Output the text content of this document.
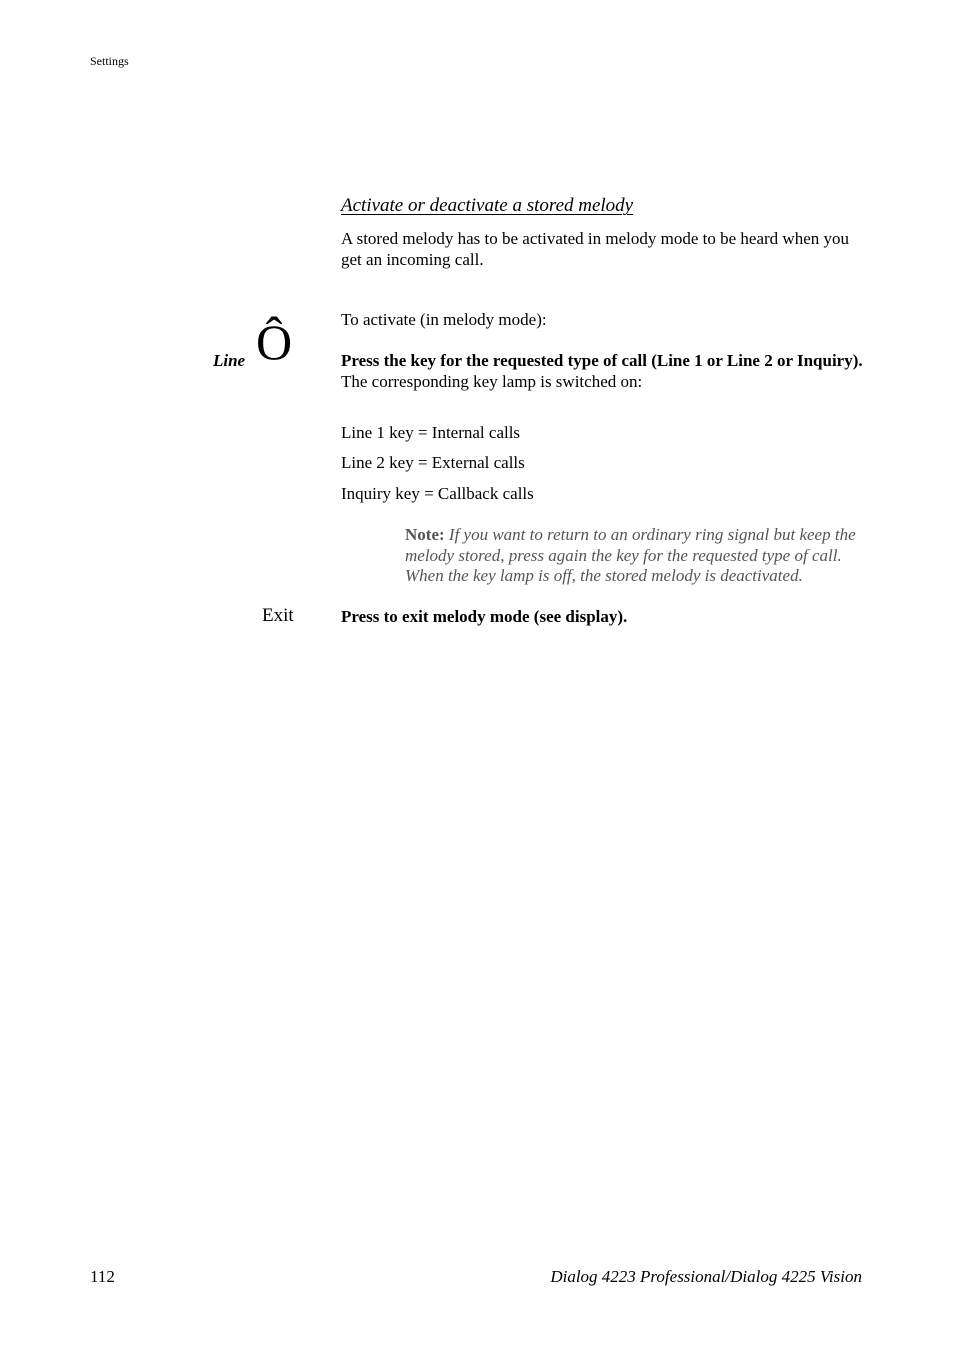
Settings
Activate or deactivate a stored melody
A stored melody has to be activated in melody mode to be heard when you get an incoming call.
To activate (in melody mode):
Line Ô	Press the key for the requested type of call (Line 1 or Line 2 or Inquiry).
The corresponding key lamp is switched on:
Line 1 key = Internal calls
Line 2 key = External calls
Inquiry key = Callback calls
Note: If you want to return to an ordinary ring signal but keep the melody stored, press again the key for the requested type of call. When the key lamp is off, the stored melody is deactivated.
Exit	Press to exit melody mode (see display).
112	Dialog 4223 Professional/Dialog 4225 Vision
